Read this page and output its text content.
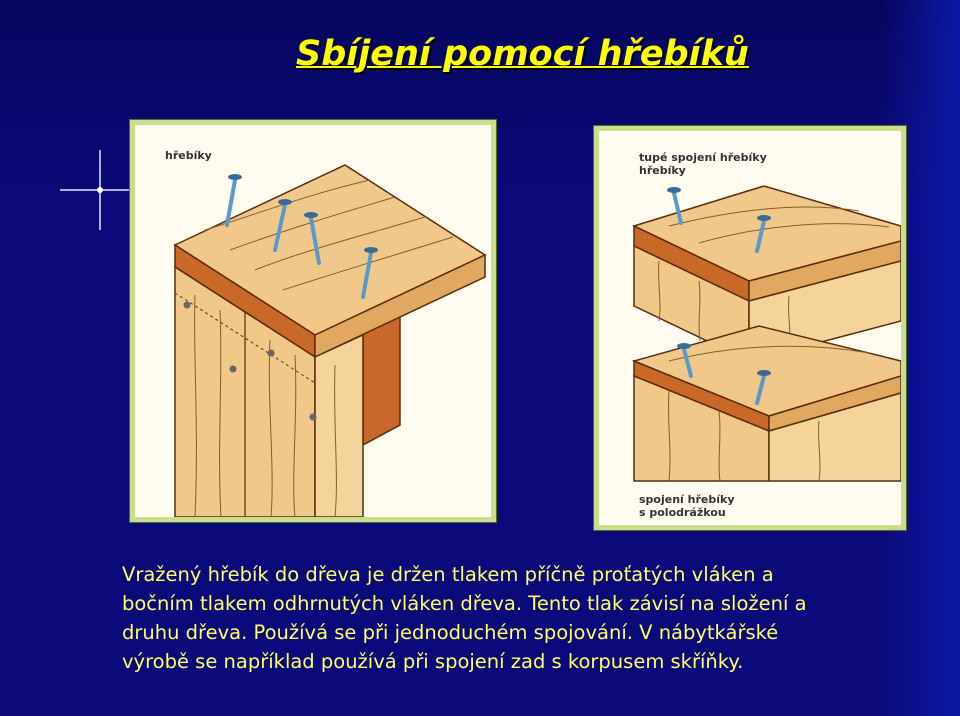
Sbíjení pomocí hřebíků
hřebíky	tupé spojení hřebíky
hřebíky
spojení hřebíky
s polodrážkou
Vražený hřebík do dřeva je držen tlakem příčně proťatých vláken a
bočním tlakem odhrnutých vláken dřeva. Tento tlak závisí na složení a
druhu dřeva. Používá se při jednoduchém spojování. V nábytkářské
výrobě se například používá při spojení zad s korpusem skříňky.
